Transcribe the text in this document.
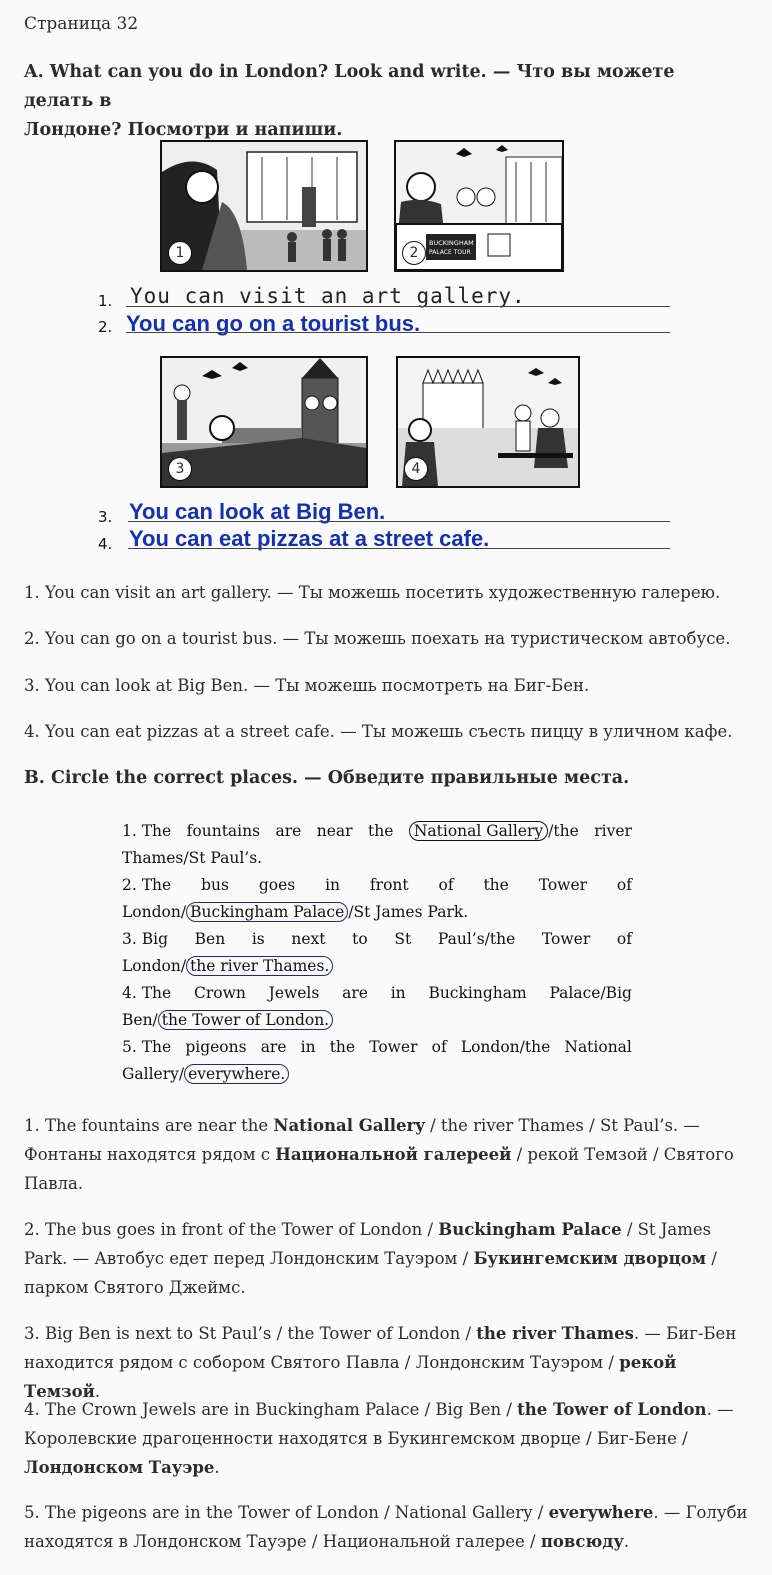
Страница 32
A. What can you do in London? Look and write. — Что вы можете делать в
Лондоне? Посмотри и напиши.
1
BUCKINGHAM
PALACE TOUR
2
1. You can visit an art gallery.
2. You can go on a tourist bus.
3	4
3. You can look at Big Ben.
4. You can eat pizzas at a street cafe.
1. You can visit an art gallery. — Ты можешь посетить художественную галерею.
2. You can go on a tourist bus. — Ты можешь поехать на туристическом автобусе.
3. You can look at Big Ben. — Ты можешь посмотреть на Биг-Бен.
4. You can eat pizzas at a street cafe. — Ты можешь съесть пиццу в уличном кафе.
B. Circle the correct places. — Обведите правильные места.
1. The fountains are near the	National Gallery /the river
Thames/St Paul’s.
2. The bus goes in front of the Tower of
London/ Buckingham Palace /St James Park.
3. Big Ben is next to St Paul’s/the Tower of
London/ the river Thames.
4. The Crown Jewels are in Buckingham Palace/Big
Ben/ the Tower of London.
5. The pigeons are in the Tower of London/the National
Gallery/ everywhere.
1. The fountains are near the National Gallery / the river Thames / St Paul’s. — Фонтаны находятся рядом с Национальной галереей / рекой Темзой / Святого Павла.
2. The bus goes in front of the Tower of London / Buckingham Palace / St James Park. — Автобус едет перед Лондонским Тауэром / Букингемским дворцом / парком Святого Джеймс.
3. Big Ben is next to St Paul’s / the Tower of London / the river Thames. — Биг-Бен находится рядом с собором Святого Павла / Лондонским Тауэром / рекой Темзой.
4. The Crown Jewels are in Buckingham Palace / Big Ben / the Tower of London. — Королевские драгоценности находятся в Букингемском дворце / Биг-Бене / Лондонском Тауэре.
5. The pigeons are in the Tower of London / National Gallery / everywhere. — Голуби находятся в Лондонском Тауэре / Национальной галерее / повсюду.
